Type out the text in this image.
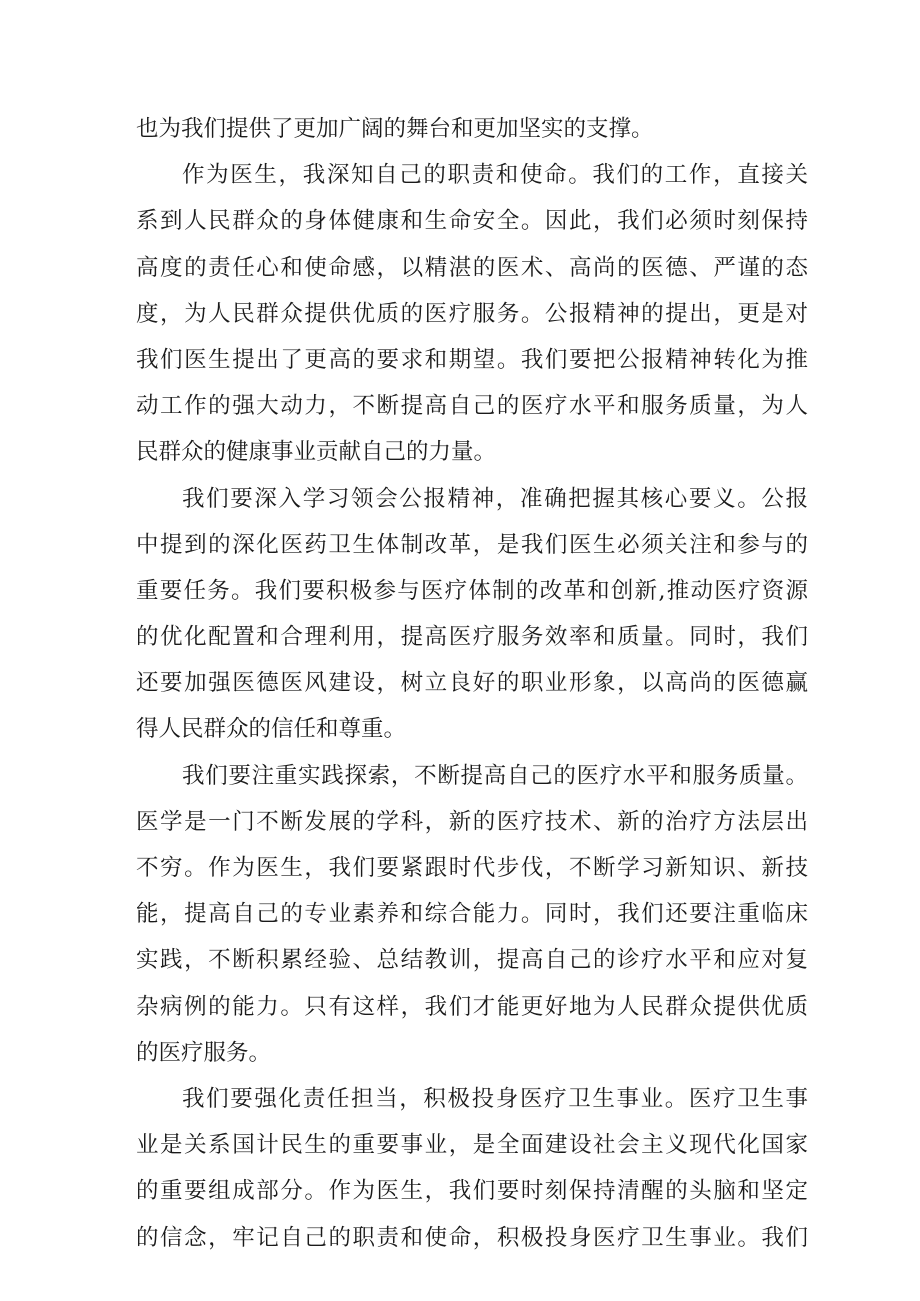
也为我们提供了更加广阔的舞台和更加坚实的支撑。
作为医生，我深知自己的职责和使命。我们的工作，直接关
系到人民群众的身体健康和生命安全。因此，我们必须时刻保持
高度的责任心和使命感，以精湛的医术、高尚的医德、严谨的态
度，为人民群众提供优质的医疗服务。公报精神的提出，更是对
我们医生提出了更高的要求和期望。我们要把公报精神转化为推
动工作的强大动力，不断提高自己的医疗水平和服务质量，为人
民群众的健康事业贡献自己的力量。
我们要深入学习领会公报精神，准确把握其核心要义。公报
中提到的深化医药卫生体制改革，是我们医生必须关注和参与的
重要任务。我们要积极参与医疗体制的改革和创新,推动医疗资源
的优化配置和合理利用，提高医疗服务效率和质量。同时，我们
还要加强医德医风建设，树立良好的职业形象，以高尚的医德赢
得人民群众的信任和尊重。
我们要注重实践探索，不断提高自己的医疗水平和服务质量。
医学是一门不断发展的学科，新的医疗技术、新的治疗方法层出
不穷。作为医生，我们要紧跟时代步伐，不断学习新知识、新技
能，提高自己的专业素养和综合能力。同时，我们还要注重临床
实践，不断积累经验、总结教训，提高自己的诊疗水平和应对复
杂病例的能力。只有这样，我们才能更好地为人民群众提供优质
的医疗服务。
我们要强化责任担当，积极投身医疗卫生事业。医疗卫生事
业是关系国计民生的重要事业，是全面建设社会主义现代化国家
的重要组成部分。作为医生，我们要时刻保持清醒的头脑和坚定
的信念，牢记自己的职责和使命，积极投身医疗卫生事业。我们
